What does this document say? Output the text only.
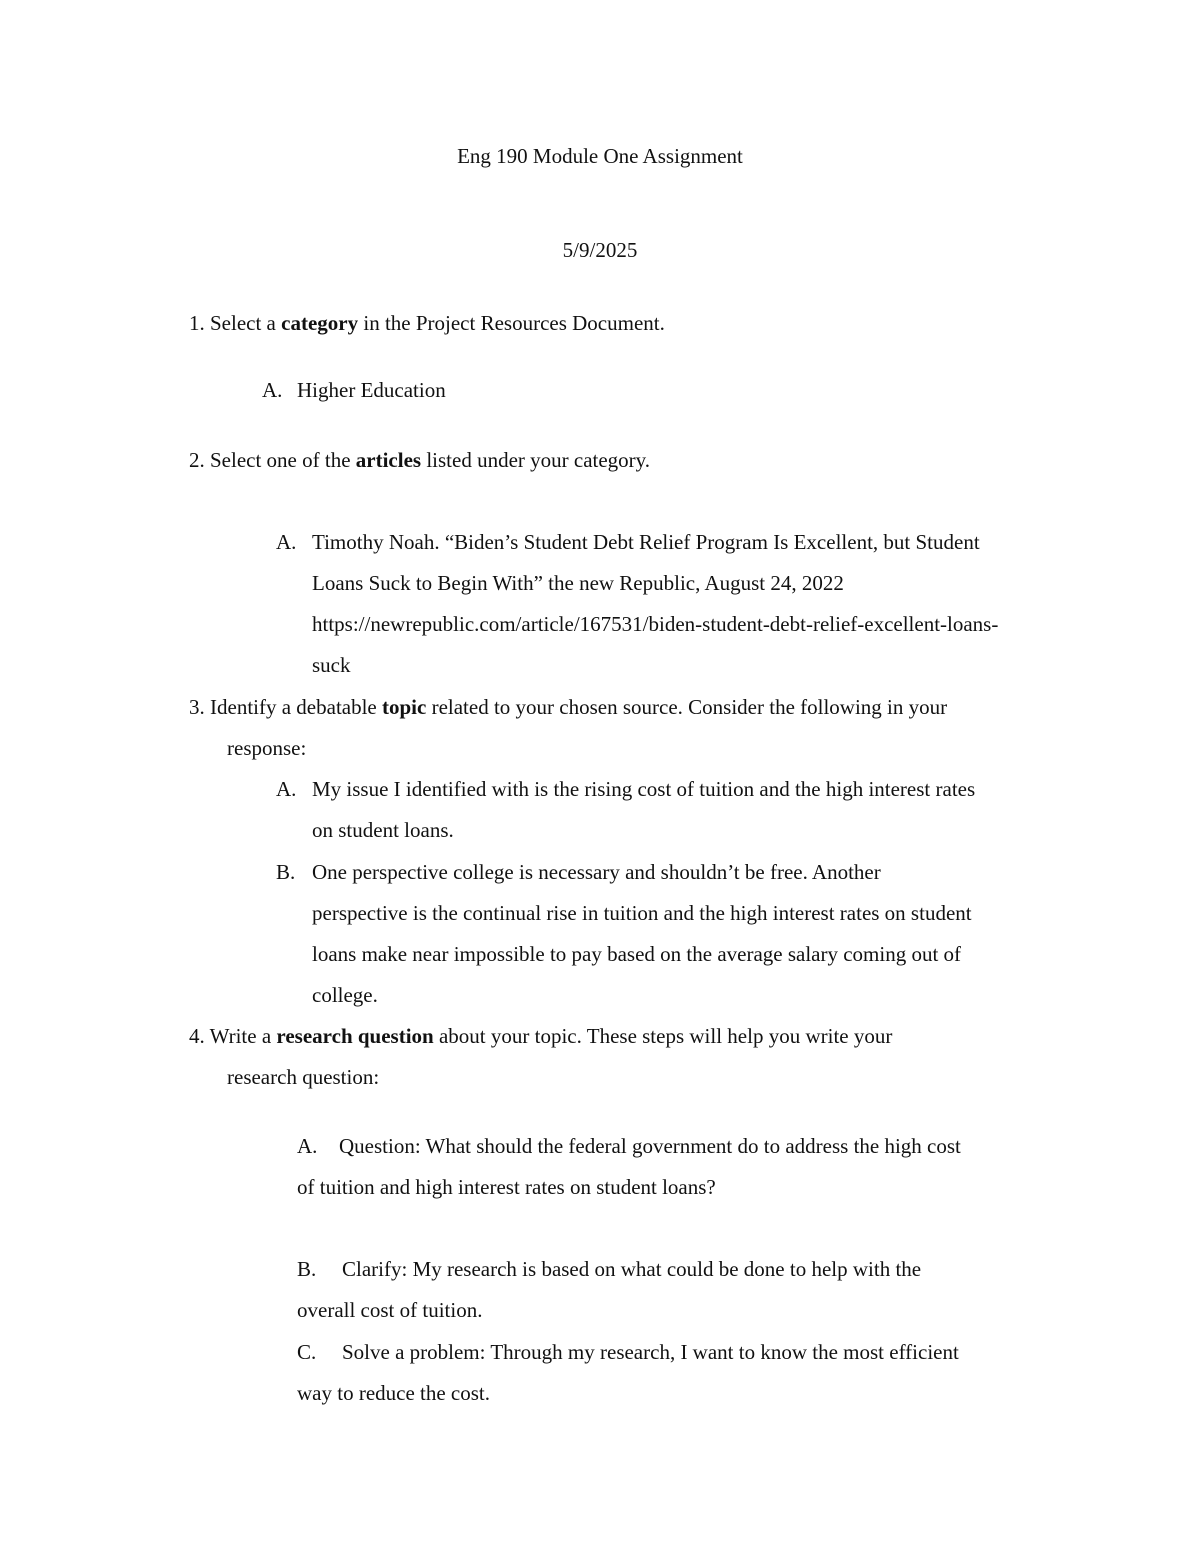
Eng 190 Module One Assignment
5/9/2025
1. Select a category in the Project Resources Document.
A. Higher Education
2. Select one of the articles listed under your category.
A. Timothy Noah. “Biden’s Student Debt Relief Program Is Excellent, but Student
Loans Suck to Begin With” the new Republic, August 24, 2022
https://newrepublic.com/article/167531/biden-student-debt-relief-excellent-loans-
suck
3. Identify a debatable topic related to your chosen source. Consider the following in your
response:
A. My issue I identified with is the rising cost of tuition and the high interest rates
on student loans.
B. One perspective college is necessary and shouldn’t be free. Another
perspective is the continual rise in tuition and the high interest rates on student
loans make near impossible to pay based on the average salary coming out of
college.
4. Write a research question about your topic. These steps will help you write your
research question:
A. Question: What should the federal government do to address the high cost
of tuition and high interest rates on student loans?
B. Clarify: My research is based on what could be done to help with the
overall cost of tuition.
C. Solve a problem: Through my research, I want to know the most efficient
way to reduce the cost.
